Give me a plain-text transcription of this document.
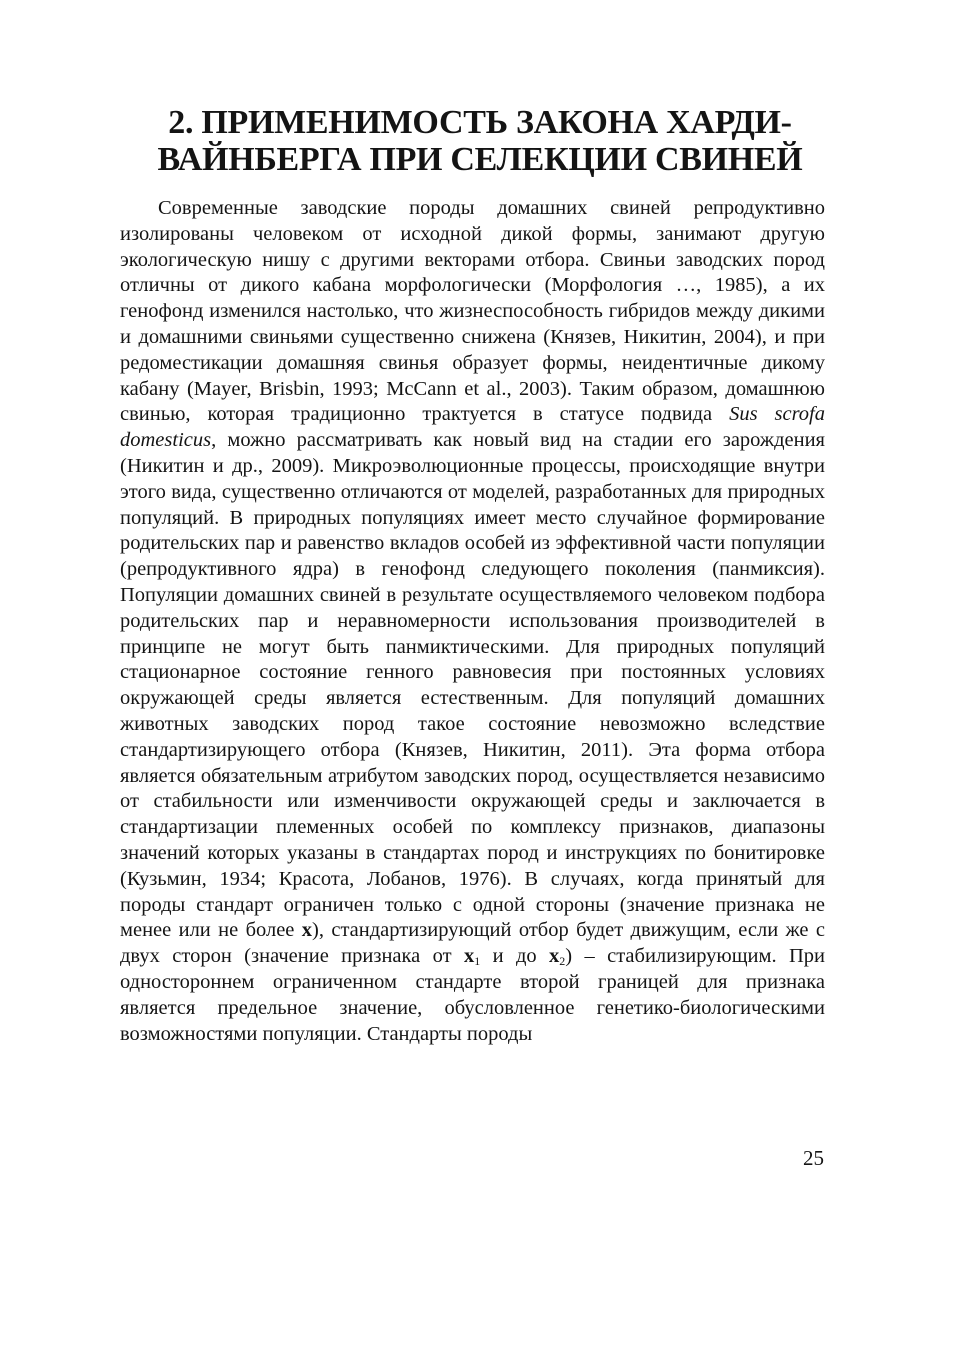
2. ПРИМЕНИМОСТЬ ЗАКОНА ХАРДИ-
ВАЙНБЕРГА ПРИ СЕЛЕКЦИИ СВИНЕЙ

Современные заводские породы домашних свиней репродуктивно изолированы человеком от исходной дикой формы, занимают другую экологическую нишу с другими векторами отбора. Свиньи заводских пород отличны от дикого кабана морфологически (Морфология …, 1985), а их генофонд изменился настолько, что жизнеспособность гибридов между дикими и домашними свиньями существенно снижена (Князев, Никитин, 2004), и при редоместикации домашняя свинья образует формы, неидентичные дикому кабану (Mayer, Brisbin, 1993; McCann et al., 2003). Таким образом, домашнюю свинью, которая традиционно трактуется в статусе подвида Sus scrofa domesticus, можно рассматривать как новый вид на стадии его зарождения (Никитин и др., 2009). Микроэволюционные процессы, происходящие внутри этого вида, существенно отличаются от моделей, разработанных для природных популяций. В природных популяциях имеет место случайное формирование родительских пар и равенство вкладов особей из эффективной части популяции (репродуктивного ядра) в генофонд следующего поколения (панмиксия). Популяции домашних свиней в результате осуществляемого человеком подбора родительских пар и неравномерности использования производителей в принципе не могут быть панмиктическими. Для природных популяций стационарное состояние генного равновесия при постоянных условиях окружающей среды является естественным. Для популяций домашних животных заводских пород такое состояние невозможно вследствие стандартизирующего отбора (Князев, Никитин, 2011). Эта форма отбора является обязательным атрибутом заводских пород, осуществляется независимо от стабильности или изменчивости окружающей среды и заключается в стандартизации племенных особей по комплексу признаков, диапазоны значений которых указаны в стандартах пород и инструкциях по бонитировке (Кузьмин, 1934; Красота, Лобанов, 1976). В случаях, когда принятый для породы стандарт ограничен только с одной стороны (значение признака не менее или не более x), стандартизирующий отбор будет движущим, если же с двух сторон (значение признака от $x_1$ и до $x_2$) – стабилизирующим. При одностороннем ограниченном стандарте второй границей для признака является предельное значение, обусловленное генетико-биологическими возможностями популяции. Стандарты породы

25
